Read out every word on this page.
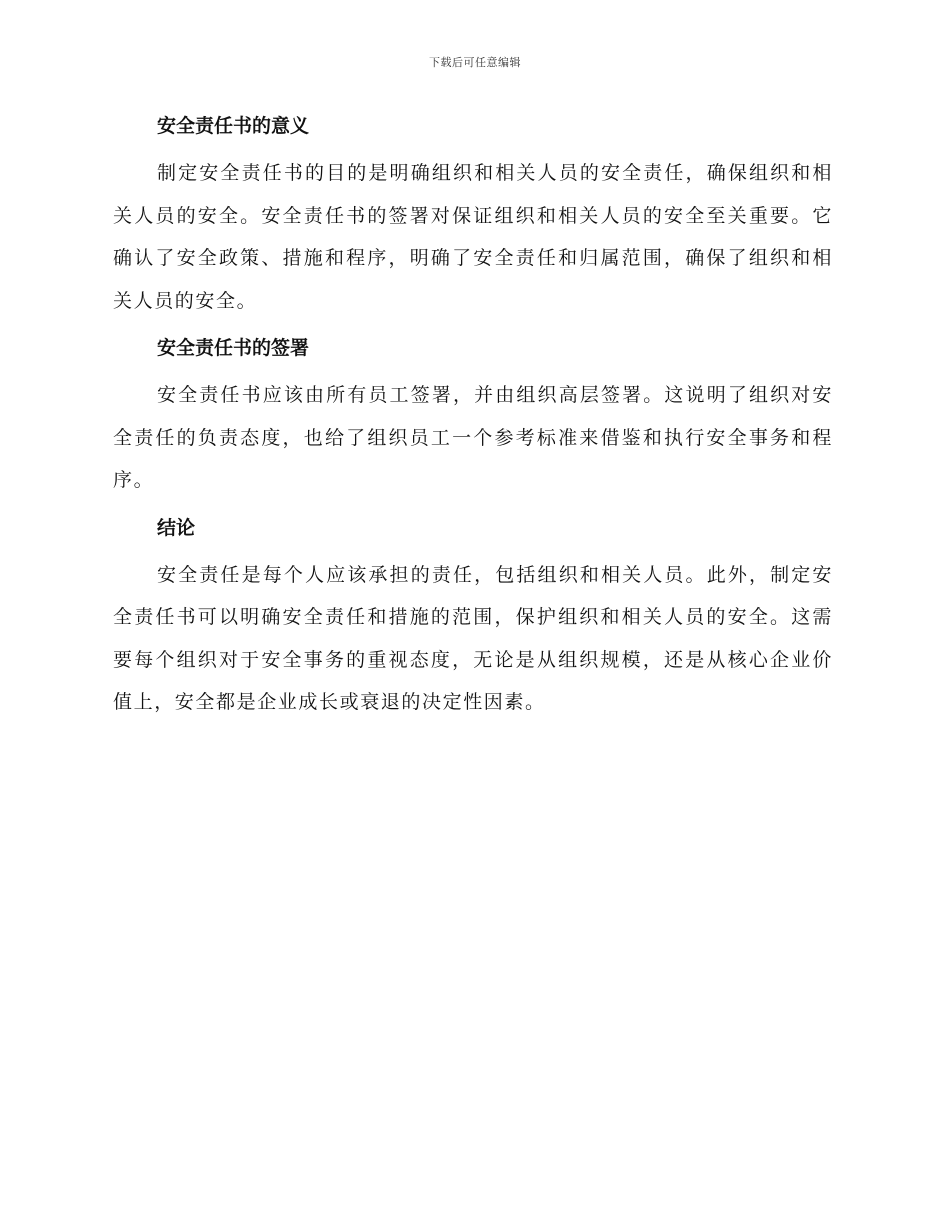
下载后可任意编辑
安全责任书的意义

制定安全责任书的目的是明确组织和相关人员的安全责任，确保组织和相关人员的安全。安全责任书的签署对保证组织和相关人员的安全至关重要。它确认了安全政策、措施和程序，明确了安全责任和归属范围，确保了组织和相关人员的安全。

安全责任书的签署

安全责任书应该由所有员工签署，并由组织高层签署。这说明了组织对安全责任的负责态度，也给了组织员工一个参考标准来借鉴和执行安全事务和程序。

结论

安全责任是每个人应该承担的责任，包括组织和相关人员。此外，制定安全责任书可以明确安全责任和措施的范围，保护组织和相关人员的安全。这需要每个组织对于安全事务的重视态度，无论是从组织规模，还是从核心企业价值上，安全都是企业成长或衰退的决定性因素。
